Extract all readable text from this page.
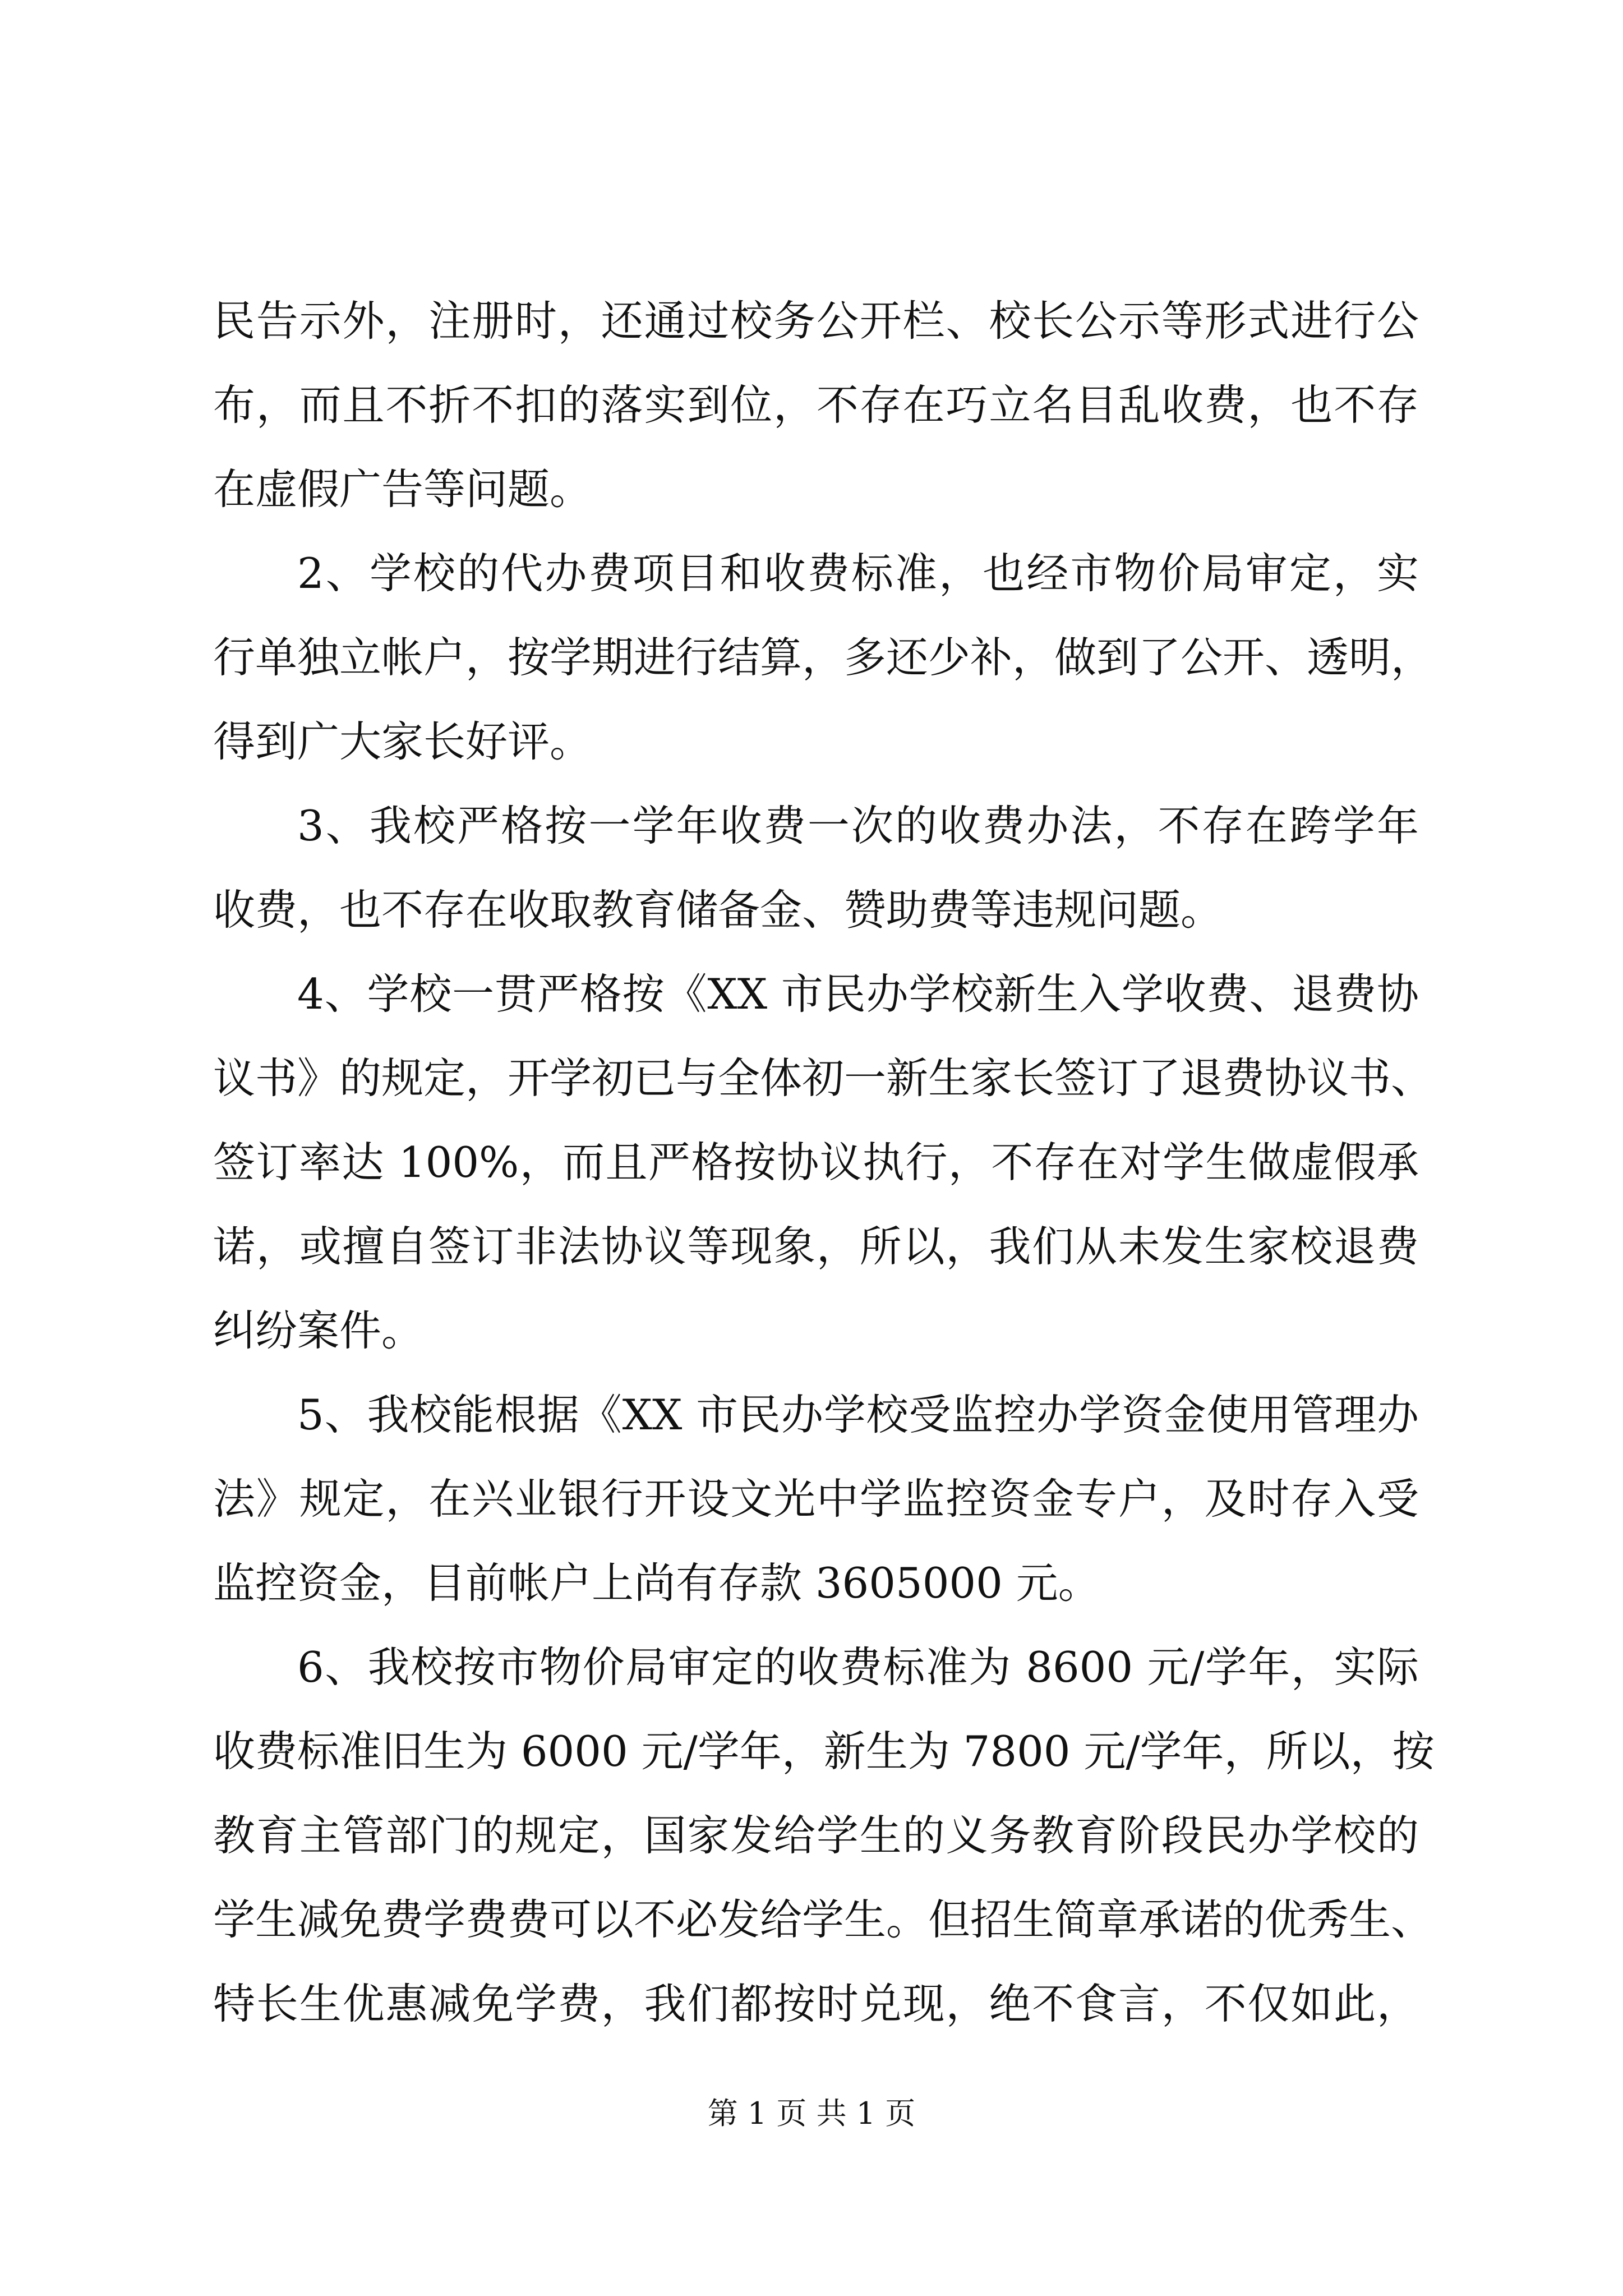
民告示外，注册时，还通过校务公开栏、校长公示等形式进行公
布，而且不折不扣的落实到位，不存在巧立名目乱收费，也不存
在虚假广告等问题。
2、学校的代办费项目和收费标准，也经市物价局审定，实
行单独立帐户，按学期进行结算，多还少补，做到了公开、透明，
得到广大家长好评。
3、我校严格按一学年收费一次的收费办法，不存在跨学年
收费，也不存在收取教育储备金、赞助费等违规问题。
4、学校一贯严格按《XX 市民办学校新生入学收费、退费协
议书》的规定，开学初已与全体初一新生家长签订了退费协议书、
签订率达 100%，而且严格按协议执行，不存在对学生做虚假承
诺，或擅自签订非法协议等现象，所以，我们从未发生家校退费
纠纷案件。
5、我校能根据《XX 市民办学校受监控办学资金使用管理办
法》规定，在兴业银行开设文光中学监控资金专户，及时存入受
监控资金，目前帐户上尚有存款 3605000 元。
6、我校按市物价局审定的收费标准为 8600 元/学年，实际
收费标准旧生为 6000 元/学年，新生为 7800 元/学年，所以，按
教育主管部门的规定，国家发给学生的义务教育阶段民办学校的
学生减免费学费费可以不必发给学生。但招生简章承诺的优秀生、
特长生优惠减免学费，我们都按时兑现，绝不食言，不仅如此，
第 1 页 共 1 页
